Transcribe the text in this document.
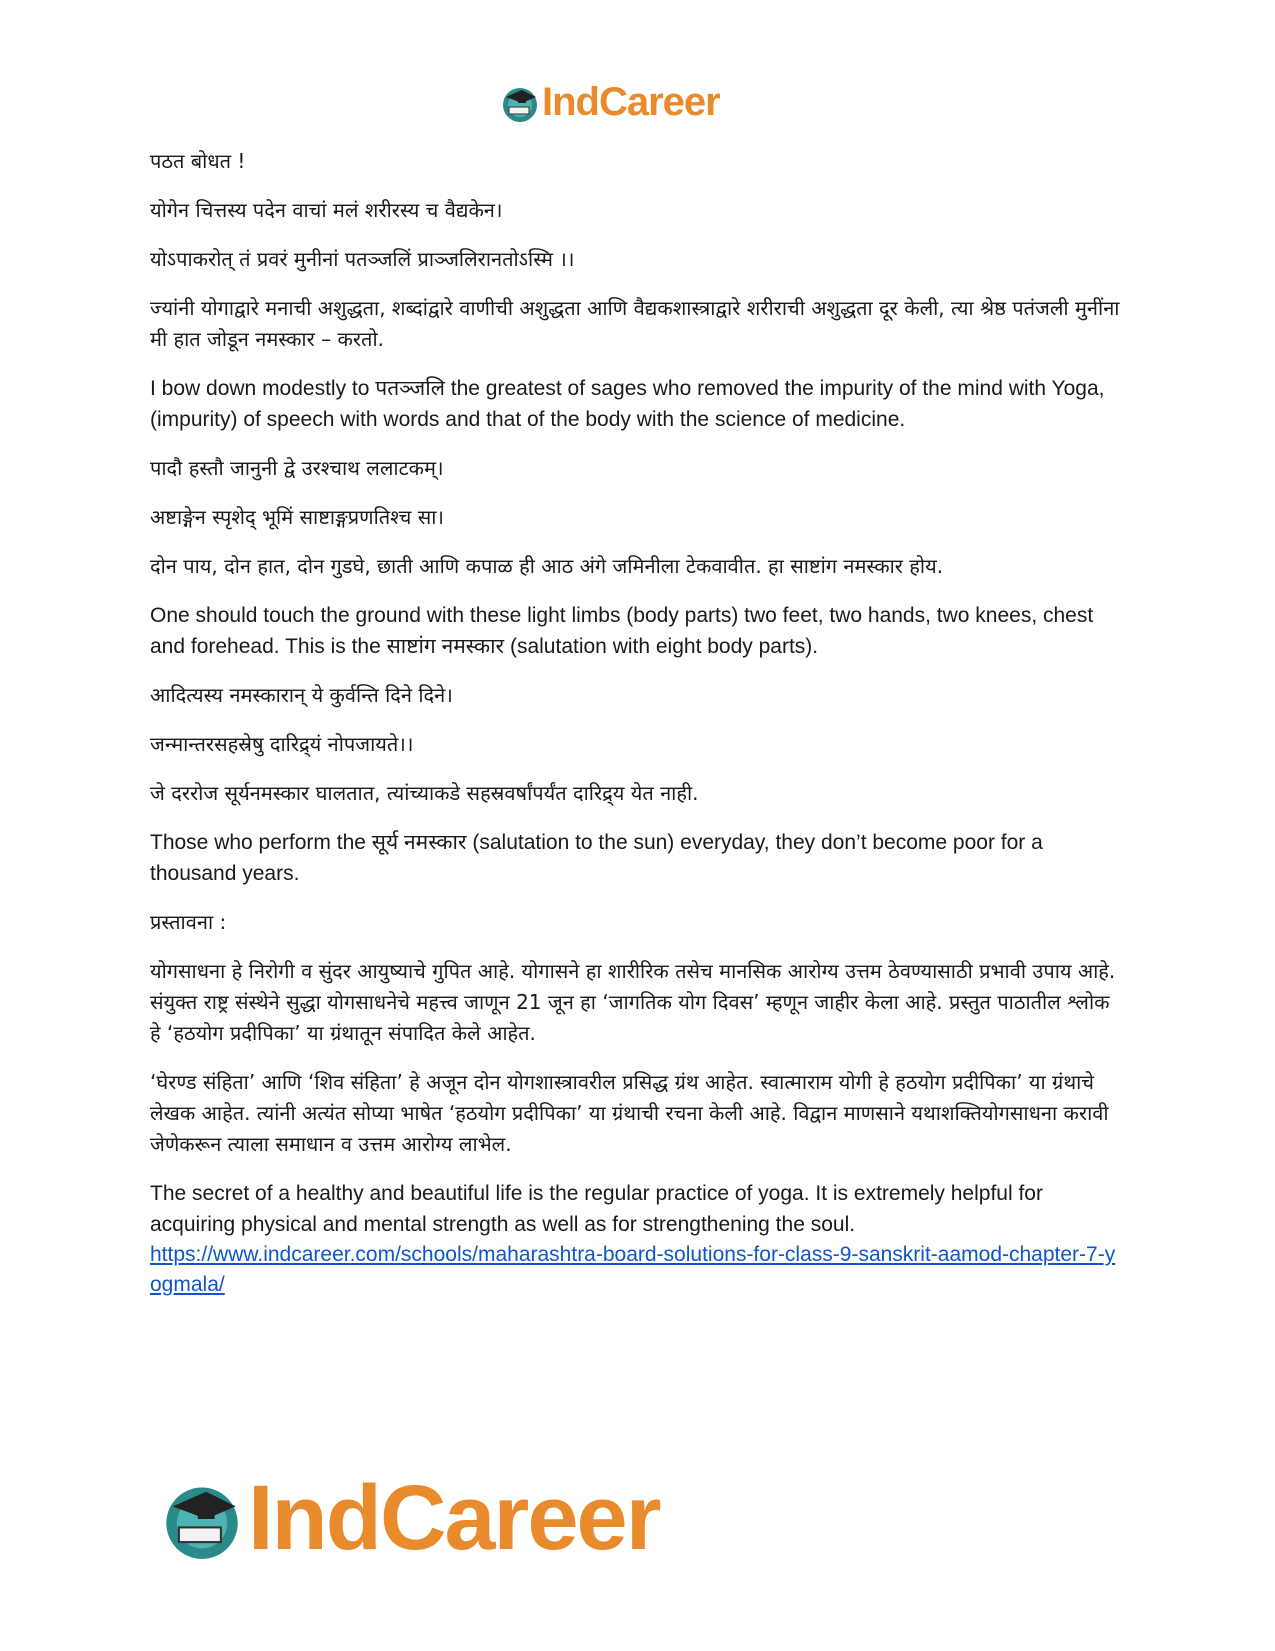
IndCareer

पठत बोधत !

योगेन चित्तस्य पदेन वाचां मलं शरीरस्य च वैद्यकेन।

योऽपाकरोत् तं प्रवरं मुनीनां पतञ्जलिं प्राञ्जलिरानतोऽस्मि ।।

ज्यांनी योगाद्वारे मनाची अशुद्धता, शब्दांद्वारे वाणीची अशुद्धता आणि वैद्यकशास्त्राद्वारे शरीराची अशुद्धता दूर केली, त्या श्रेष्ठ पतंजली मुनींना मी हात जोडून नमस्कार – करतो.

I bow down modestly to पतञ्जलि the greatest of sages who removed the impurity of the mind with Yoga, (impurity) of speech with words and that of the body with the science of medicine.

पादौ हस्तौ जानुनी द्वे उरश्चाथ ललाटकम्।

अष्टाङ्गेन स्पृशेद् भूमिं साष्टाङ्गप्रणतिश्च सा।

दोन पाय, दोन हात, दोन गुडघे, छाती आणि कपाळ ही आठ अंगे जमिनीला टेकवावीत. हा साष्टांग नमस्कार होय.

One should touch the ground with these light limbs (body parts) two feet, two hands, two knees, chest and forehead. This is the साष्टांग नमस्कार (salutation with eight body parts).

आदित्यस्य नमस्कारान् ये कुर्वन्ति दिने दिने।

जन्मान्तरसहस्रेषु दारिद्र्यं नोपजायते।।

जे दररोज सूर्यनमस्कार घालतात, त्यांच्याकडे सहस्रवर्षांपर्यंत दारिद्र्य येत नाही.

Those who perform the सूर्य नमस्कार (salutation to the sun) everyday, they don’t become poor for a thousand years.

प्रस्तावना :

योगसाधना हे निरोगी व सुंदर आयुष्याचे गुपित आहे. योगासने हा शारीरिक तसेच मानसिक आरोग्य उत्तम ठेवण्यासाठी प्रभावी उपाय आहे. संयुक्त राष्ट्र संस्थेने सुद्धा योगसाधनेचे महत्त्व जाणून 21 जून हा ‘जागतिक योग दिवस’ म्हणून जाहीर केला आहे. प्रस्तुत पाठातील श्लोक हे ‘हठयोग प्रदीपिका’ या ग्रंथातून संपादित केले आहेत.

‘घेरण्ड संहिता’ आणि ‘शिव संहिता’ हे अजून दोन योगशास्त्रावरील प्रसिद्ध ग्रंथ आहेत. स्वात्माराम योगी हे हठयोग प्रदीपिका’ या ग्रंथाचे लेखक आहेत. त्यांनी अत्यंत सोप्या भाषेत ‘हठयोग प्रदीपिका’ या ग्रंथाची रचना केली आहे. विद्वान माणसाने यथाशक्तियोगसाधना करावी जेणेकरून त्याला समाधान व उत्तम आरोग्य लाभेल.

The secret of a healthy and beautiful life is the regular practice of yoga. It is extremely helpful for acquiring physical and mental strength as well as for strengthening the soul.

https://www.indcareer.com/schools/maharashtra-board-solutions-for-class-9-sanskrit-aamod-chapter-7-yogmala/
IndCareer
